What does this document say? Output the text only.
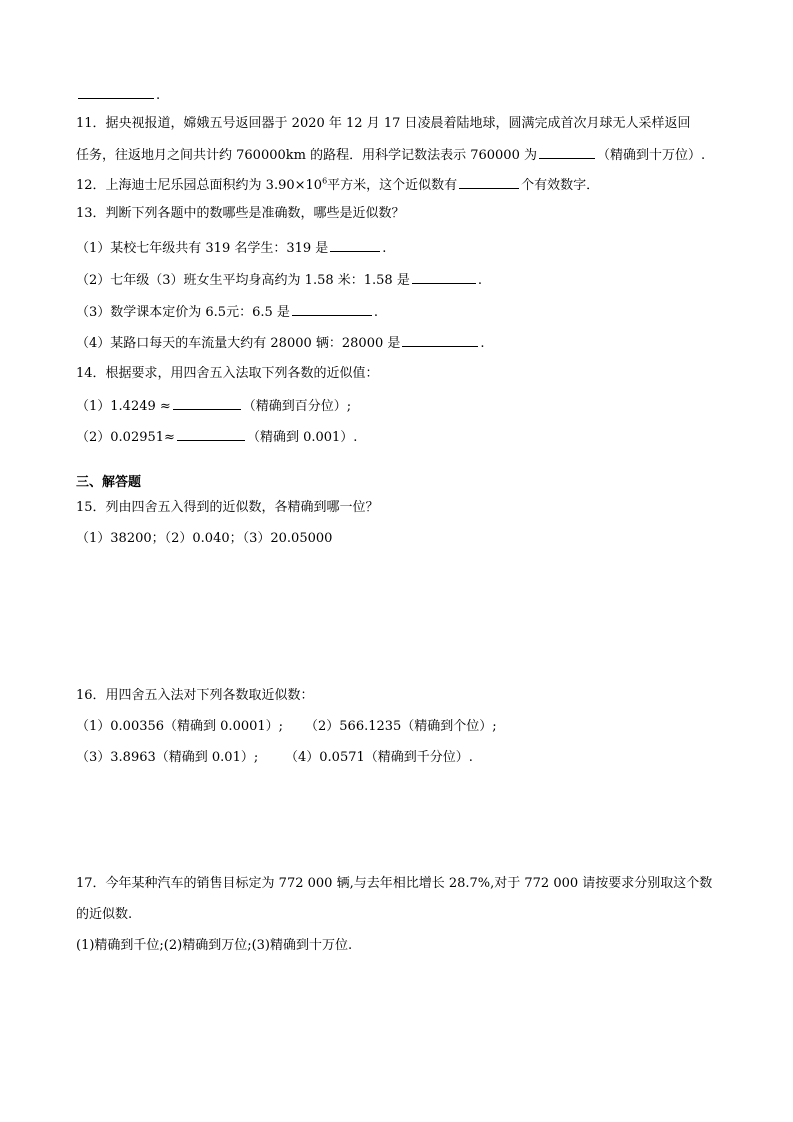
.
11．据央视报道，嫦娥五号返回器于 2020 年 12 月 17 日凌晨着陆地球，圆满完成首次月球无人采样返回
任务，往返地月之间共计约 760000km 的路程．用科学记数法表示 760000 为	（精确到十万位）.
12．上海迪士尼乐园总面积约为 $3.90\times 10^6$平方米，这个近似数有	个有效数字．
13．判断下列各题中的数哪些是准确数，哪些是近似数？
（1）某校七年级共有 319 名学生：319 是	.
（2）七年级（3）班女生平均身高约为 1.58 米：1.58 是	.
（3）数学课本定价为 6.5元：6.5 是	.
（4）某路口每天的车流量大约有 28000 辆：28000 是	.
14．根据要求，用四舍五入法取下列各数的近似值：
（1）1.4249 ≈	（精确到百分位）;
（2）0.02951≈	（精确到 0.001）.
三、解答题
15．列由四舍五入得到的近似数，各精确到哪一位？
（1）38200；（2）0.040；（3）20.05000
16．用四舍五入法对下列各数取近似数：
（1）0.00356（精确到 0.0001）; （2）566.1235（精确到个位）;
（3）3.8963（精确到 0.01）; （4）0.0571（精确到千分位）.
17．今年某种汽车的销售目标定为 772 000 辆,与去年相比增长 28.7%,对于 772 000 请按要求分别取这个数
的近似数.
(1)精确到千位;(2)精确到万位;(3)精确到十万位.
